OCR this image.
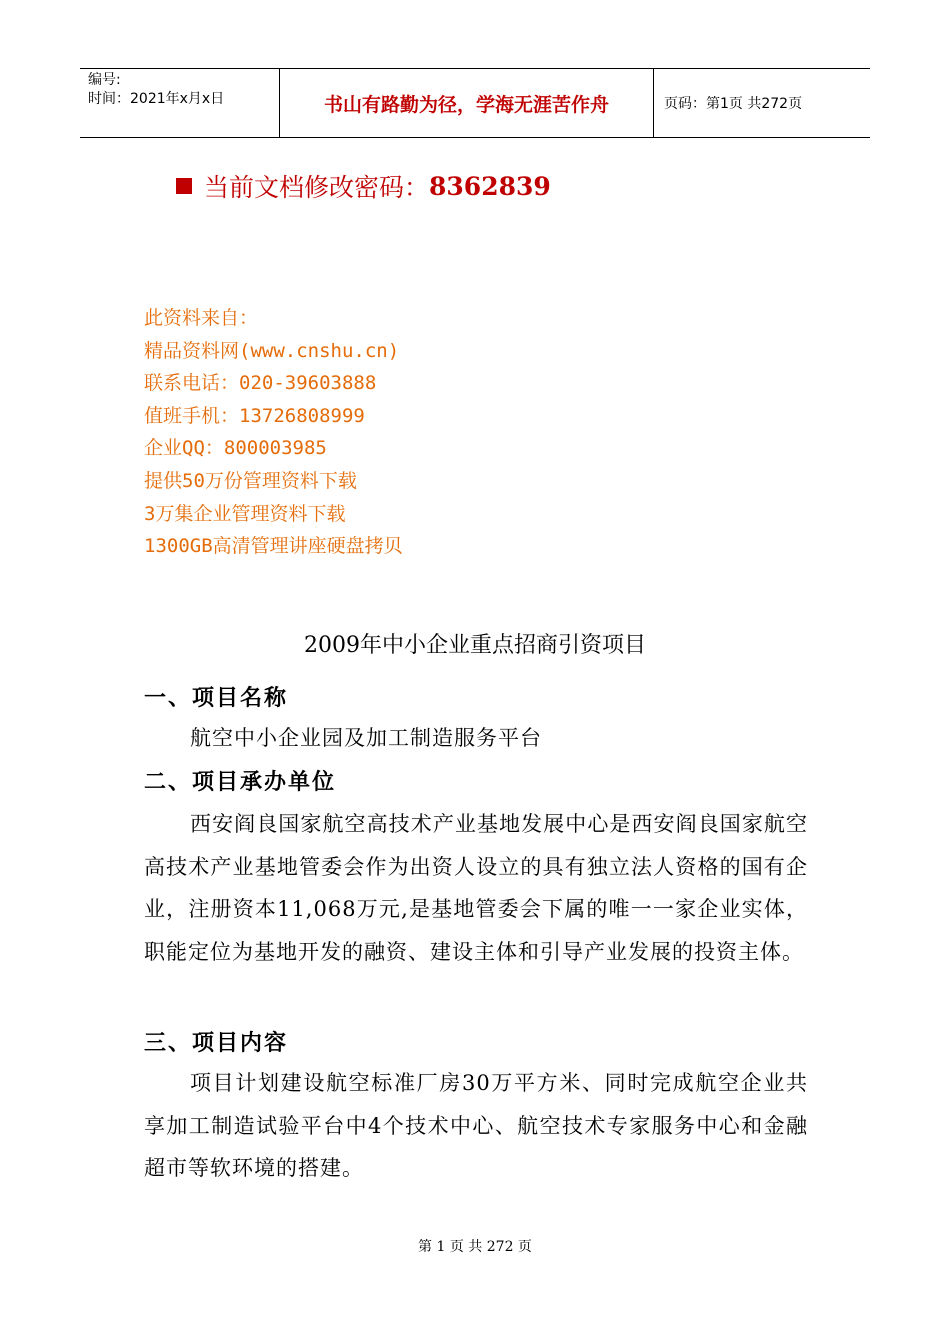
编号:
时间：2021年x月x日	书山有路勤为径，学海无涯苦作舟	页码：第1页 共272页
当前文档修改密码： 8362839
此资料来自：
精品资料网(www.cnshu.cn)
联系电话：020-39603888
值班手机：13726808999
企业QQ：800003985
提供50万份管理资料下载
3万集企业管理资料下载
1300GB高清管理讲座硬盘拷贝
2009年中小企业重点招商引资项目
一、项目名称
航空中小企业园及加工制造服务平台
二、项目承办单位
西安阎良国家航空高技术产业基地发展中心是西安阎良国家航空高技术产业基地管委会作为出资人设立的具有独立法人资格的国有企业，注册资本11,068万元,是基地管委会下属的唯一一家企业实体，职能定位为基地开发的融资、建设主体和引导产业发展的投资主体。
三、项目内容
项目计划建设航空标准厂房30万平方米、同时完成航空企业共享加工制造试验平台中4个技术中心、航空技术专家服务中心和金融超市等软环境的搭建。
第 1 页 共 272 页
